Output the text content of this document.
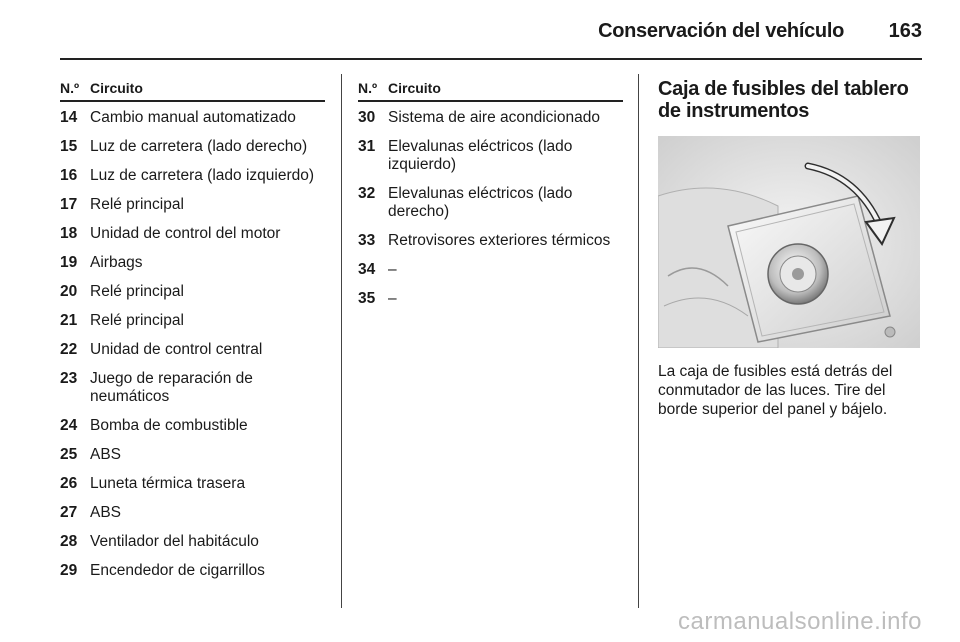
Conservación del vehículo 163
N.º Circuito
14 Cambio manual automatizado
15 Luz de carretera (lado derecho)
16 Luz de carretera (lado izquierdo)
17 Relé principal
18 Unidad de control del motor
19 Airbags
20 Relé principal
21 Relé principal
22 Unidad de control central
23 Juego de reparación de neumáticos
24 Bomba de combustible
25 ABS
26 Luneta térmica trasera
27 ABS
28 Ventilador del habitáculo
29 Encendedor de cigarrillos
N.º Circuito
30 Sistema de aire acondicionado
31 Elevalunas eléctricos (lado izquierdo)
32 Elevalunas eléctricos (lado derecho)
33 Retrovisores exteriores térmicos
34 –
35 –
Caja de fusibles del tablero de instrumentos
La caja de fusibles está detrás del conmutador de las luces. Tire del borde superior del panel y bájelo.
carmanualsonline.info
